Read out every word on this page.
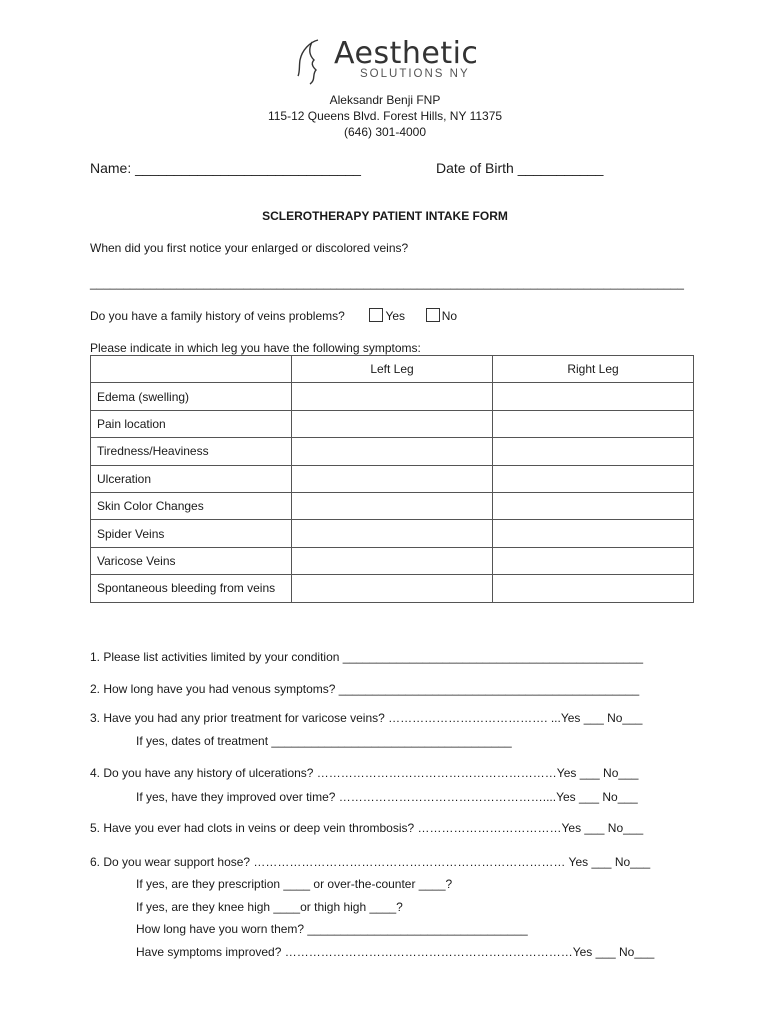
Aesthetic
SOLUTIONS NY
Aleksandr Benji FNP
115-12 Queens Blvd. Forest Hills, NY 11375
(646) 301-4000
Name: _____________________________	Date of Birth ___________
SCLEROTHERAPY PATIENT INTAKE FORM
When did you first notice your enlarged or discolored veins?
_________________________________________________________________________________________
Do you have a family history of veins problems?	Yes	No
Please indicate in which leg you have the following symptoms:
	Left Leg	Right Leg
Edema (swelling)		
Pain location		
Tiredness/Heaviness		
Ulceration		
Skin Color Changes		
Spider Veins		
Varicose Veins		
Spontaneous bleeding from veins		
1. Please list activities limited by your condition _____________________________________________
2. How long have you had venous symptoms? _____________________________________________
3. Have you had any prior treatment for varicose veins? …………………………………. ...Yes ___ No___
If yes, dates of treatment ____________________________________
4. Do you have any history of ulcerations? ……………………………………………………Yes ___ No___
If yes, have they improved over time? ……………………………………………....Yes ___ No___
5. Have you ever had clots in veins or deep vein thrombosis? ………………………………Yes ___ No___
6. Do you wear support hose? …………………………………………………………………… Yes ___ No___
If yes, are they prescription ____ or over-the-counter ____?
If yes, are they knee high ____or thigh high ____?
How long have you worn them? _________________________________
Have symptoms improved? ………………………………………………………………Yes ___ No___
